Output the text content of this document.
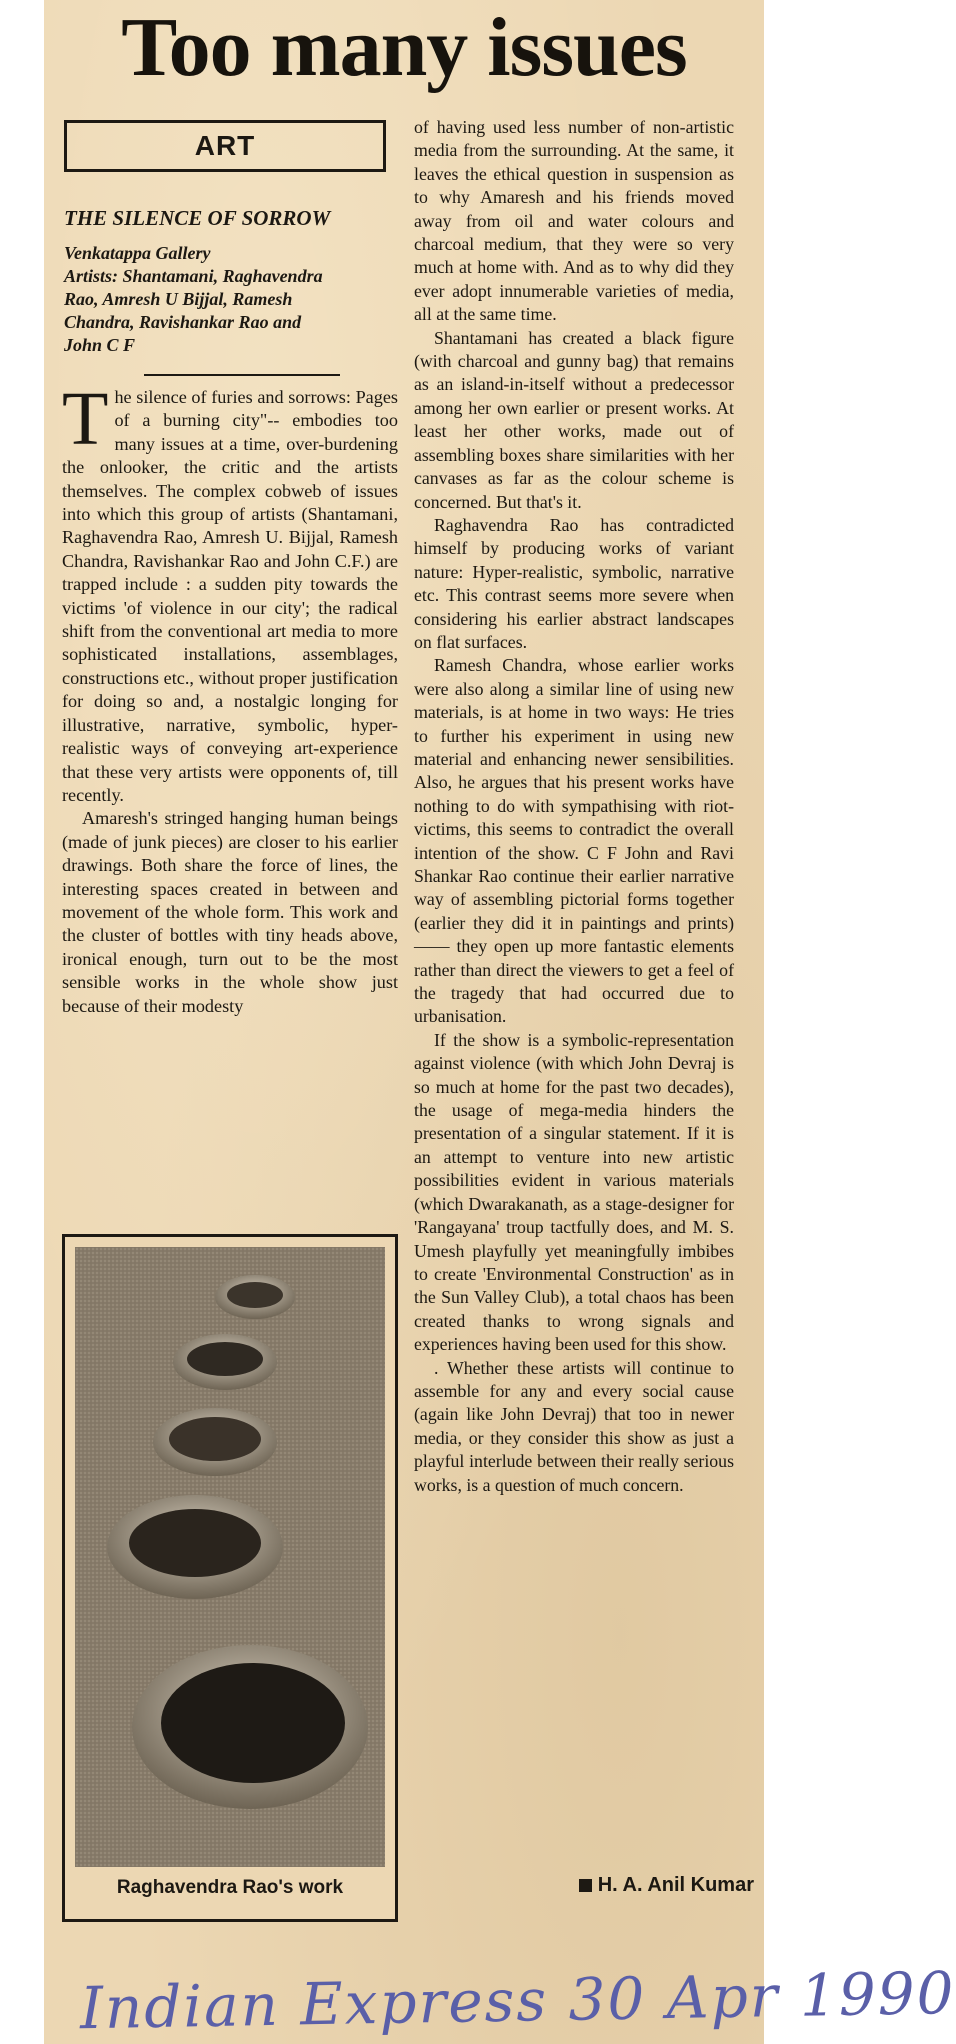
Too many issues
ART
THE SILENCE OF SORROW
Venkatappa Gallery
Artists: Shantamani, Raghavendra
Rao, Amresh U Bijjal, Ramesh
Chandra, Ravishankar Rao and
John C F

The silence of furies and sorrows: Pages of a burning city"-- embodies too many issues at a time, over-burdening the onlooker, the critic and the artists themselves. The complex cobweb of issues into which this group of artists (Shantamani, Raghavendra Rao, Amresh U. Bijjal, Ramesh Chandra, Ravishankar Rao and John C.F.) are trapped include : a sudden pity towards the victims 'of violence in our city'; the radical shift from the conventional art media to more sophisticated installations, assemblages, constructions etc., without proper justification for doing so and, a nostalgic longing for illustrative, narrative, symbolic, hyper-realistic ways of conveying art-experience that these very artists were opponents of, till recently.

Amaresh's stringed hanging human beings (made of junk pieces) are closer to his earlier drawings. Both share the force of lines, the interesting spaces created in between and movement of the whole form. This work and the cluster of bottles with tiny heads above, ironical enough, turn out to be the most sensible works in the whole show just because of their modesty

Raghavendra Rao's work

of having used less number of non-artistic media from the surrounding. At the same, it leaves the ethical question in suspension as to why Amaresh and his friends moved away from oil and water colours and charcoal medium, that they were so very much at home with. And as to why did they ever adopt innumerable varieties of media, all at the same time.

Shantamani has created a black figure (with charcoal and gunny bag) that remains as an island-in-itself without a predecessor among her own earlier or present works. At least her other works, made out of assembling boxes share similarities with her canvases as far as the colour scheme is concerned. But that's it.

Raghavendra Rao has contradicted himself by producing works of variant nature: Hyper-realistic, symbolic, narrative etc. This contrast seems more severe when considering his earlier abstract landscapes on flat surfaces.

Ramesh Chandra, whose earlier works were also along a similar line of using new materials, is at home in two ways: He tries to further his experiment in using new material and enhancing newer sensibilities. Also, he argues that his present works have nothing to do with sympathising with riot-victims, this seems to contradict the overall intention of the show. C F John and Ravi Shankar Rao continue their earlier narrative way of assembling pictorial forms together (earlier they did it in paintings and prints) —— they open up more fantastic elements rather than direct the viewers to get a feel of the tragedy that had occurred due to urbanisation.

If the show is a symbolic-representation against violence (with which John Devraj is so much at home for the past two decades), the usage of mega-media hinders the presentation of a singular statement. If it is an attempt to venture into new artistic possibilities evident in various materials (which Dwarakanath, as a stage-designer for 'Rangayana' troup tactfully does, and M. S. Umesh playfully yet meaningfully imbibes to create 'Environmental Construction' as in the Sun Valley Club), a total chaos has been created thanks to wrong signals and experiences having been used for this show.

. Whether these artists will continue to assemble for any and every social cause (again like John Devraj) that too in newer media, or they consider this show as just a playful interlude between their really serious works, is a question of much concern.

H. A. Anil Kumar
Indian Express 30 Apr 1990
